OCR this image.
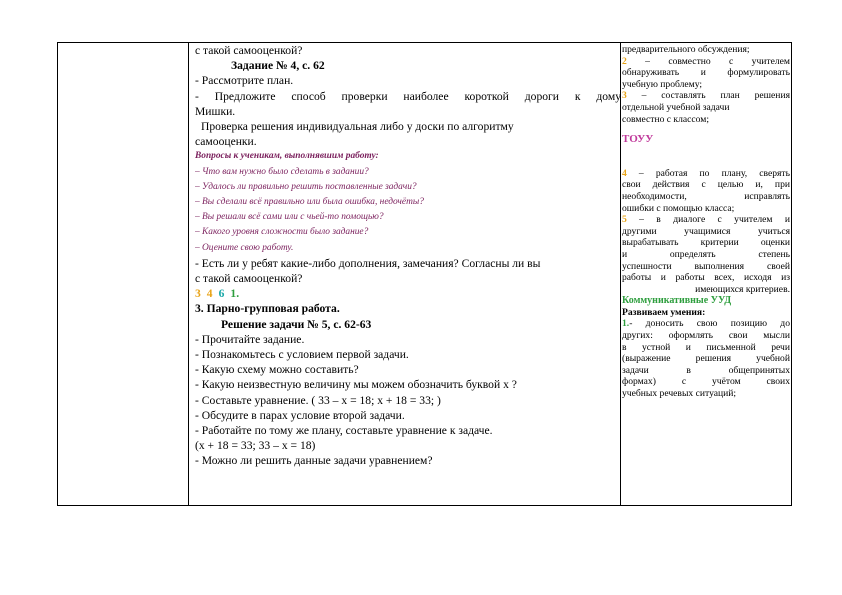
с такой самооценкой?
Задание № 4, с. 62
- Рассмотрите план.
- Предложите способ проверки наиболее короткой дороги к дому
Мишки.
Проверка решения индивидуальная либо у доски по алгоритму
самооценки.
Вопросы к ученикам, выполнявшим работу:
– Что вам нужно было сделать в задании?
– Удалось ли правильно решить поставленные задачи?
– Вы сделали всё правильно или была ошибка, недочёты?
– Вы решали всё сами или с чьей-то помощью?
– Какого уровня сложности было задание?
– Оцените свою работу.
- Есть ли у ребят какие-либо дополнения, замечания? Согласны ли вы
с такой самооценкой?
3 4 6 1.
3. Парно-групповая работа.
Решение задачи № 5, с. 62-63
- Прочитайте задание.
- Познакомьтесь с условием первой задачи.
- Какую схему можно составить?
- Какую неизвестную величину мы можем обозначить буквой х ?
- Составьте уравнение. ( 33 – х = 18; х + 18 = 33; )
- Обсудите в парах условие второй задачи.
- Работайте по тому же плану, составьте уравнение к задаче.
(х + 18 = 33; 33 – х = 18)
- Можно ли решить данные задачи уравнением?
предварительного обсуждения;
2 – совместно с учителем
обнаруживать и формулировать
учебную проблему;
3 – составлять план решения
отдельной учебной задачи
совместно с классом;
ТОУУ
4 – работая по плану, сверять
свои действия с целью и, при
необходимости, исправлять
ошибки с помощью класса;
5 – в диалоге с учителем и
другими учащимися учиться
вырабатывать критерии оценки
и определять степень
успешности выполнения своей
работы и работы всех, исходя из
имеющихся критериев.
Коммуникативные УУД
Развиваем умения:
1.- доносить свою позицию до
других: оформлять свои мысли
в устной и письменной речи
(выражение решения учебной
задачи в общепринятых
формах) с учётом своих
учебных речевых ситуаций;
